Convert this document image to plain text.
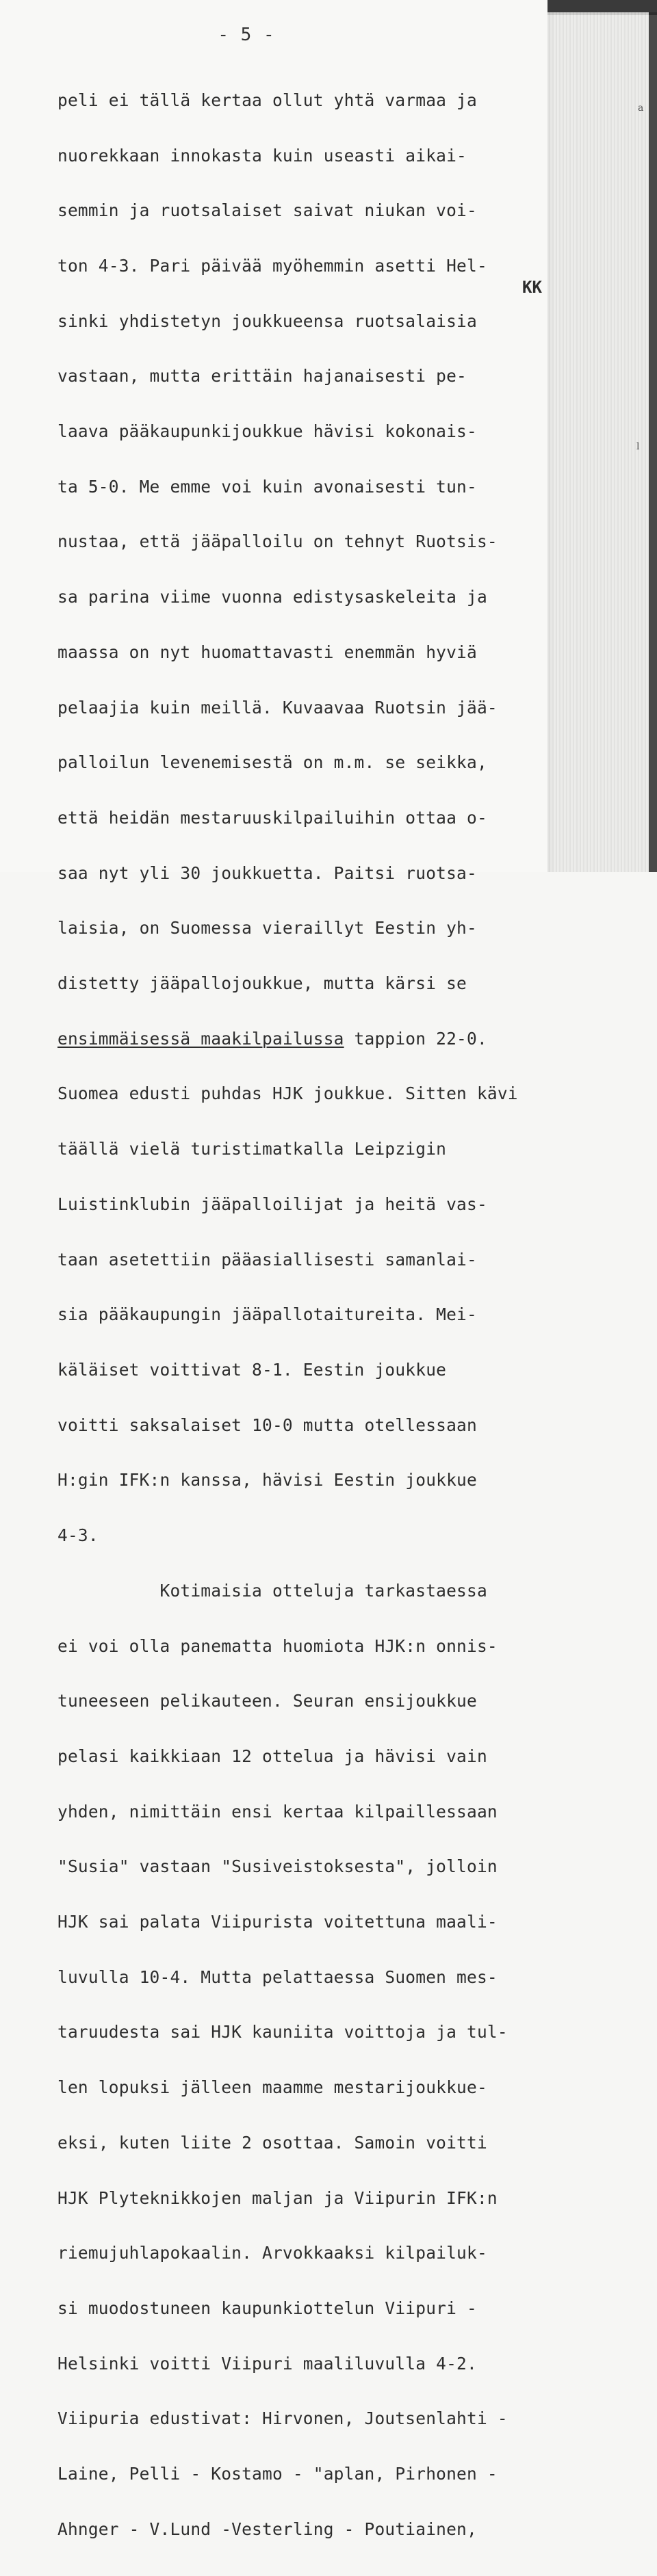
- 5 -

peli ei tällä kertaa ollut yhtä varmaa ja

nuorekkaan innokasta kuin useasti aikai-

semmin ja ruotsalaiset saivat niukan voi-

ton 4-3. Pari päivää myöhemmin asetti Hel-

sinki yhdistetyn joukkueensa ruotsalaisia

vastaan, mutta erittäin hajanaisesti pe-

laava pääkaupunkijoukkue hävisi kokonais-

ta 5-0. Me emme voi kuin avonaisesti tun-

nustaa, että jääpalloilu on tehnyt Ruotsis-

sa parina viime vuonna edistysaskeleita ja

maassa on nyt huomattavasti enemmän hyviä

pelaajia kuin meillä. Kuvaavaa Ruotsin jää-

palloilun levenemisestä on m.m. se seikka,

että heidän mestaruuskilpailuihin ottaa o-

saa nyt yli 30 joukkuetta. Paitsi ruotsa-

laisia, on Suomessa vieraillyt Eestin yh-

distetty jääpallojoukkue, mutta kärsi se

ensimmäisessä maakilpailussa tappion 22-0.

Suomea edusti puhdas HJK joukkue. Sitten kävi

täällä vielä turistimatkalla Leipzigin

Luistinklubin jääpalloilijat ja heitä vas-

taan asetettiin pääasiallisesti samanlai-

sia pääkaupungin jääpallotaitureita. Mei-

käläiset voittivat 8-1. Eestin joukkue

voitti saksalaiset 10-0 mutta otellessaan

H:gin IFK:n kanssa, hävisi Eestin joukkue

4-3.

Kotimaisia otteluja tarkastaessa

ei voi olla panematta huomiota HJK:n onnis-

tuneeseen pelikauteen. Seuran ensijoukkue

pelasi kaikkiaan 12 ottelua ja hävisi vain

yhden, nimittäin ensi kertaa kilpaillessaan

"Susia" vastaan "Susiveistoksesta", jolloin

HJK sai palata Viipurista voitettuna maali-

luvulla 10-4. Mutta pelattaessa Suomen mes-

taruudesta sai HJK kauniita voittoja ja tul-

len lopuksi jälleen maamme mestarijoukkue-

eksi, kuten liite 2 osottaa. Samoin voitti

HJK Plyteknikkojen maljan ja Viipurin IFK:n

riemujuhlapokaalin. Arvokkaaksi kilpailuk-

si muodostuneen kaupunkiottelun Viipuri -

Helsinki voitti Viipuri maaliluvulla 4-2.

Viipuria edustivat: Hirvonen, Joutsenlahti -

Laine, Pelli - Kostamo - "aplan, Pirhonen -

Ahnger - V.Lund -Vesterling - Poutiainen,

KK
a
l
